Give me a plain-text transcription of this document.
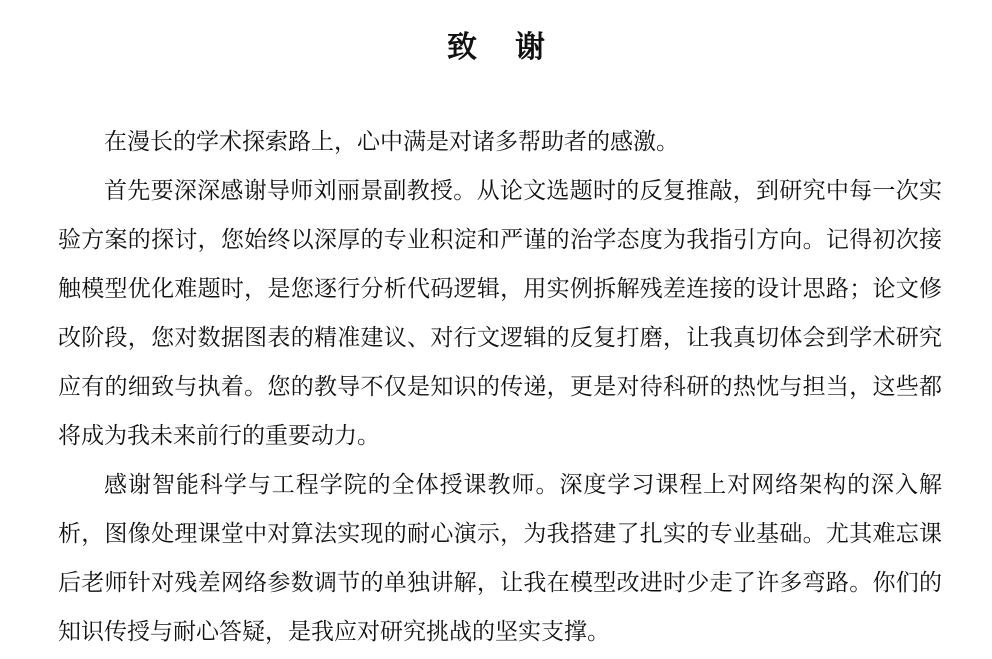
致谢

在漫长的学术探索路上，心中满是对诸多帮助者的感激。

首先要深深感谢导师刘丽景副教授。从论文选题时的反复推敲，到研究中每一次实验方案的探讨，您始终以深厚的专业积淀和严谨的治学态度为我指引方向。记得初次接触模型优化难题时，是您逐行分析代码逻辑，用实例拆解残差连接的设计思路；论文修改阶段，您对数据图表的精准建议、对行文逻辑的反复打磨，让我真切体会到学术研究应有的细致与执着。您的教导不仅是知识的传递，更是对待科研的热忱与担当，这些都将成为我未来前行的重要动力。

感谢智能科学与工程学院的全体授课教师。深度学习课程上对网络架构的深入解析，图像处理课堂中对算法实现的耐心演示，为我搭建了扎实的专业基础。尤其难忘课后老师针对残差网络参数调节的单独讲解，让我在模型改进时少走了许多弯路。你们的知识传授与耐心答疑，是我应对研究挑战的坚实支撑。
